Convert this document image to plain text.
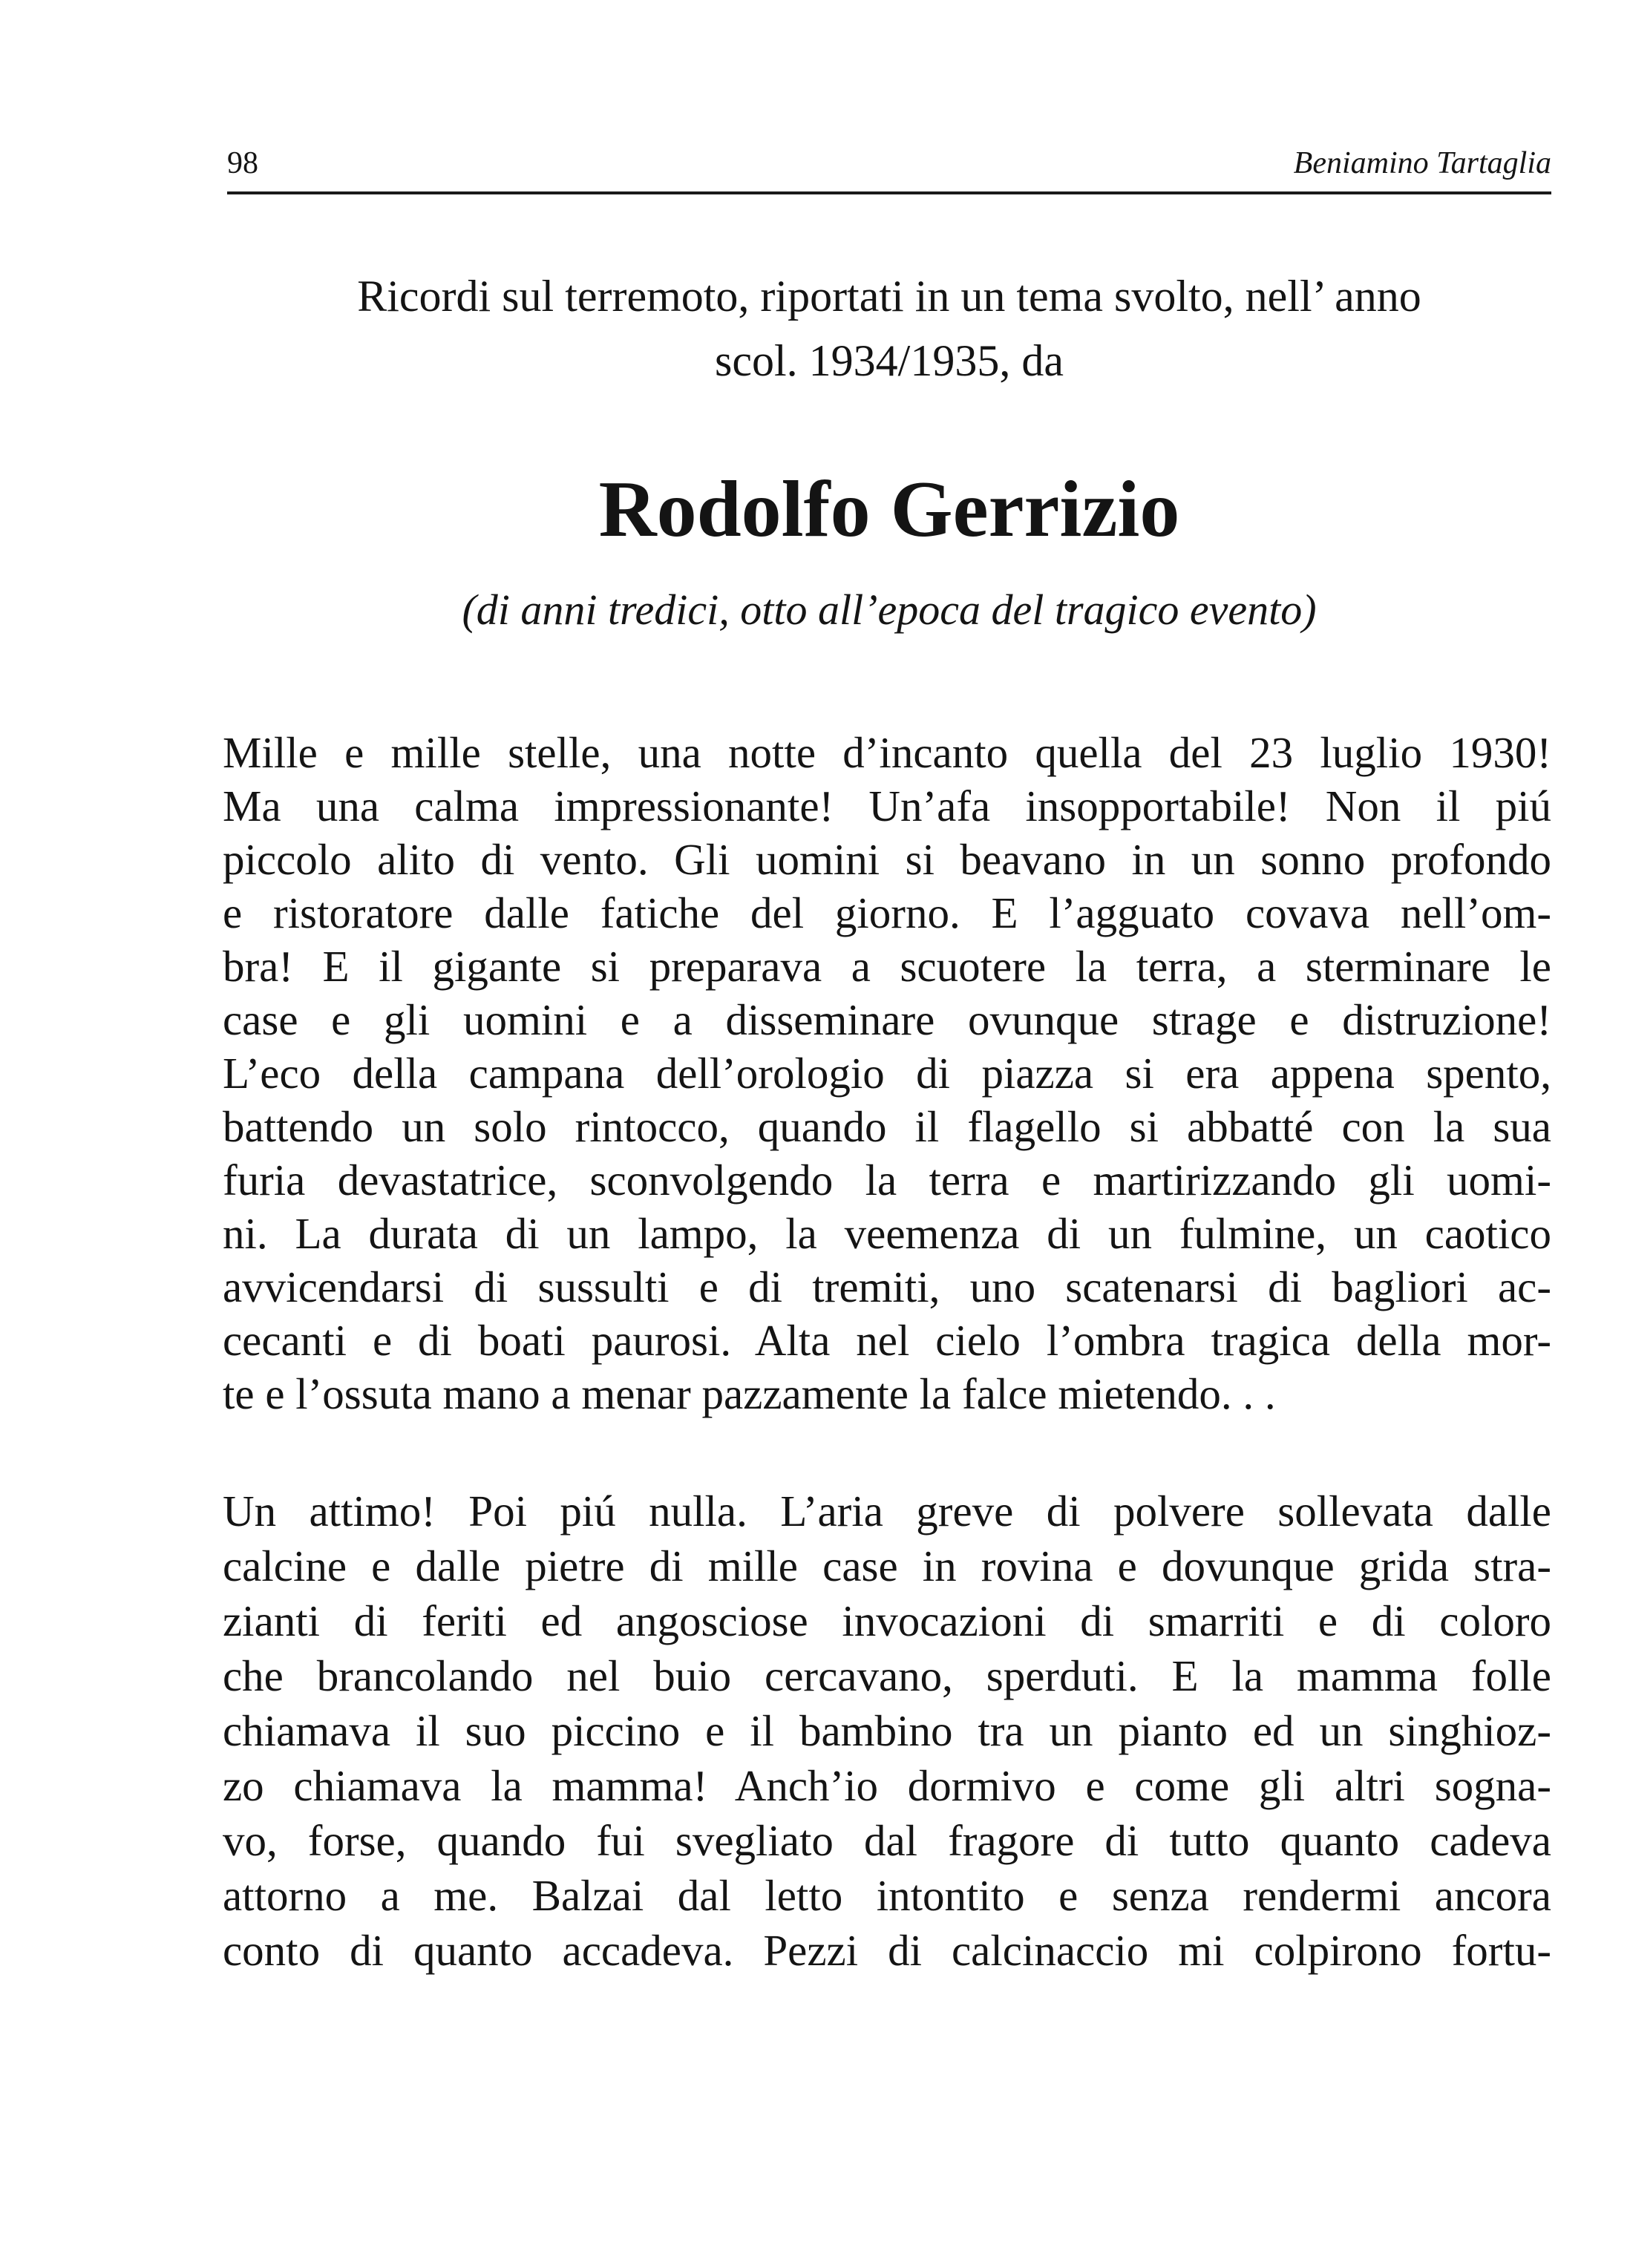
98	Beniamino Tartaglia
Ricordi sul terremoto, riportati in un tema svolto, nell’ anno
scol. 1934/1935, da
Rodolfo Gerrizio
(di anni tredici, otto all’epoca del tragico evento)
Mille e mille stelle, una notte d’incanto quella del 23 luglio 1930!
Ma una calma impressionante! Un’afa insopportabile! Non il piú
piccolo alito di vento. Gli uomini si beavano in un sonno profondo
e ristoratore dalle fatiche del giorno. E l’agguato covava nell’om-
bra! E il gigante si preparava a scuotere la terra, a sterminare le
case e gli uomini e a disseminare ovunque strage e distruzione!
L’eco della campana dell’orologio di piazza si era appena spento,
battendo un solo rintocco, quando il flagello si abbatté con la sua
furia devastatrice, sconvolgendo la terra e martirizzando gli uomi-
ni. La durata di un lampo, la veemenza di un fulmine, un caotico
avvicendarsi di sussulti e di tremiti, uno scatenarsi di bagliori ac-
cecanti e di boati paurosi. Alta nel cielo l’ombra tragica della mor-
te e l’ossuta mano a menar pazzamente la falce mietendo. . .
Un attimo! Poi piú nulla. L’aria greve di polvere sollevata dalle
calcine e dalle pietre di mille case in rovina e dovunque grida stra-
zianti di feriti ed angosciose invocazioni di smarriti e di coloro
che brancolando nel buio cercavano, sperduti. E la mamma folle
chiamava il suo piccino e il bambino tra un pianto ed un singhioz-
zo chiamava la mamma! Anch’io dormivo e come gli altri sogna-
vo, forse, quando fui svegliato dal fragore di tutto quanto cadeva
attorno a me. Balzai dal letto intontito e senza rendermi ancora
conto di quanto accadeva. Pezzi di calcinaccio mi colpirono fortu-
